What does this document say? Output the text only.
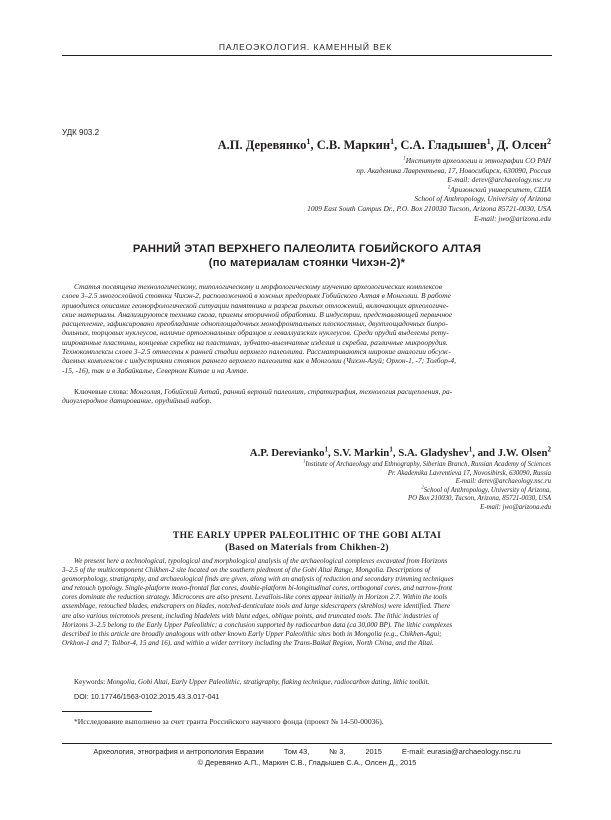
ПАЛЕОЭКОЛОГИЯ. КАМЕННЫЙ ВЕК
УДК 903.2
А.П. Деревянко$^1$, С.В. Маркин$^1$, С.А. Гладышев$^1$, Д. Олсен$^2$
$^1$Институт археологии и этнографии СО РАН
пр. Академика Лаврентьева, 17, Новосибирск, 630090, Россия
E-mail: derev@archaeology.nsc.ru
$^2$Аризонский университет, США
School of Anthropology, University of Arizona
1009 East South Campus Dr., P.O. Box 210030 Tucson, Arizona 85721-0030, USA
E-mail: jwo@arizona.edu
РАННИЙ ЭТАП ВЕРХНЕГО ПАЛЕОЛИТА ГОБИЙСКОГО АЛТАЯ
(по материалам стоянки Чихэн-2)*
Статья посвящена технологическому, типологическому и морфологическому изучению археологических комплексов
слоев 3–2.5 многослойной стоянки Чихэн-2, расположенной в южных предгорьях Гобийского Алтая в Монголии. В работе
приводится описание геоморфологической ситуации памятника и разреза рыхлых отложений, включающих археологиче-
ские материалы. Анализируются техника скола, приемы вторичной обработки. В индустрии, представляющей первичное
расщепление, зафиксировано преобладание одноплощадочных монофронтальных плоскостных, двухплощадочных бипро-
дольных, торцовых нуклеусов, наличие ортогональных образцов и леваллуазских нуклеусов. Среди орудий выделены рету-
шированные пластины, концевые скребки на пластинах, зубчато-выемчатые изделия и скребла, различные микроорудия.
Технокомплексы слоев 3–2.5 отнесены к ранней стадии верхнего палеолита. Рассматриваются широкие аналогии обсуж-
даемых комплексов с индустриями стоянок раннего верхнего палеолита как в Монголии (Чихэн-Агуй; Орхон-1, -7; Толбор-4,
-15, -16), так и в Забайкалье, Северном Китае и на Алтае.
Ключевые слова: Монголия, Гобийский Алтай, ранний верхний палеолит, стратиграфия, технология расщепления, ра-
диоуглеродное датирование, орудийный набор.
A.P. Derevianko$^1$, S.V. Markin$^1$, S.A. Gladyshev$^1$, and J.W. Olsen$^2$
$^1$Institute of Archaeology and Ethnography, Siberian Branch, Russian Academy of Sciences
Pr. Akademika Lavrentieva 17, Novosibirsk, 630090, Russia
E-mail: derev@archaeology.nsc.ru
$^2$School of Anthropology, University of Arizona,
PO Box 210030, Tucson, Arizona, 85721-0030, USA
E-mail: jwo@arizona.edu
THE EARLY UPPER PALEOLITHIC OF THE GOBI ALTAI
(Based on Materials from Chikhen-2)
We present here a technological, typological and morphological analysis of the archaeological complexes excavated from Horizons
3–2.5 of the multicomponent Chikhen-2 site located on the southern piedmont of the Gobi Altai Range, Mongolia. Descriptions of
geomorphology, stratigraphy, and archaeological finds are given, along with an analysis of reduction and secondary trimming techniques
and retouch typology. Single-platform mono-frontal flat cores, double-platform bi-longitudinal cores, orthogonal cores, and narrow-front
cores dominate the reduction strategy. Microcores are also present. Levallois-like cores appear initially in Horizon 2.7. Within the tools
assemblage, retouched blades, endscrapers on blades, notched-denticulate tools and large sidescrapers (skreblos) were identified. There
are also various microtools present, including bladelets with blunt edges, oblique points, and truncated tools. The lithic industries of
Horizons 3–2.5 belong to the Early Upper Paleolithic; a conclusion supported by radiocarbon data (ca 30,000 BP). The lithic complexes
described in this article are broadly analogous with other known Early Upper Paleolithic sites both in Mongolia (e.g., Chikhen-Agui;
Orkhon-1 and 7; Tolbor-4, 15 and 16), and within a wider territory including the Trans-Baikal Region, North China, and the Altai.
Keywords: Mongolia, Gobi Altai, Early Upper Paleolithic, stratigraphy, flaking technique, radiocarbon dating, lithic toolkit.
DOI: 10.17746/1563-0102.2015.43.3.017-041
*Исследование выполнено за счет гранта Российского научного фонда (проект № 14-50-00036).
Археология, этнография и антропология Евразии	Том 43,	№ 3,	2015	E-mail: eurasia@archaeology.nsc.ru
© Деревянко А.П., Маркин С.В., Гладышев С.А., Олсен Д., 2015
